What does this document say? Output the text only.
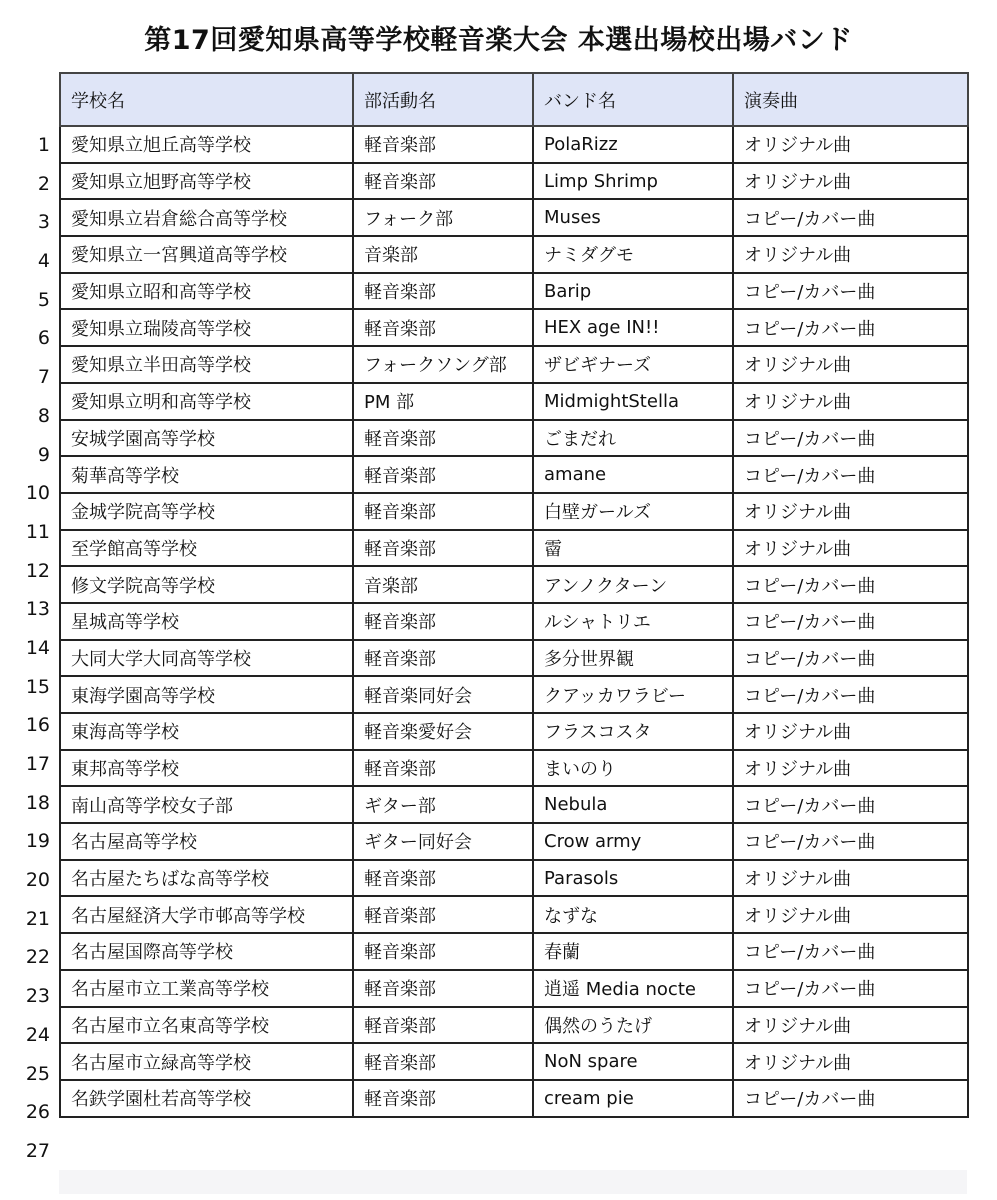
第17回愛知県高等学校軽音楽大会 本選出場校出場バンド
1
2
3
4
5
6
7
8
9
10
11
12
13
14
15
16
17
18
19
20
21
22
23
24
25
26
27
学校名	部活動名	バンド名	演奏曲
愛知県立旭丘高等学校	軽音楽部	PolaRizz	オリジナル曲
愛知県立旭野高等学校	軽音楽部	Limp Shrimp	オリジナル曲
愛知県立岩倉総合高等学校	フォーク部	Muses	コピー/カバー曲
愛知県立一宮興道高等学校	音楽部	ナミダグモ	オリジナル曲
愛知県立昭和高等学校	軽音楽部	Barip	コピー/カバー曲
愛知県立瑞陵高等学校	軽音楽部	HEX age IN!!	コピー/カバー曲
愛知県立半田高等学校	フォークソング部	ザビギナーズ	オリジナル曲
愛知県立明和高等学校	PM 部	MidmightStella	オリジナル曲
安城学園高等学校	軽音楽部	ごまだれ	コピー/カバー曲
菊華高等学校	軽音楽部	amane	コピー/カバー曲
金城学院高等学校	軽音楽部	白壁ガールズ	オリジナル曲
至学館高等学校	軽音楽部	霤	オリジナル曲
修文学院高等学校	音楽部	アンノクターン	コピー/カバー曲
星城高等学校	軽音楽部	ルシャトリエ	コピー/カバー曲
大同大学大同高等学校	軽音楽部	多分世界観	コピー/カバー曲
東海学園高等学校	軽音楽同好会	クアッカワラビー	コピー/カバー曲
東海高等学校	軽音楽愛好会	フラスコスタ	オリジナル曲
東邦高等学校	軽音楽部	まいのり	オリジナル曲
南山高等学校女子部	ギター部	Nebula	コピー/カバー曲
名古屋高等学校	ギター同好会	Crow army	コピー/カバー曲
名古屋たちばな高等学校	軽音楽部	Parasols	オリジナル曲
名古屋経済大学市邨高等学校	軽音楽部	なずな	オリジナル曲
名古屋国際高等学校	軽音楽部	春蘭	コピー/カバー曲
名古屋市立工業高等学校	軽音楽部	逍遥 Media nocte	コピー/カバー曲
名古屋市立名東高等学校	軽音楽部	偶然のうたげ	オリジナル曲
名古屋市立緑高等学校	軽音楽部	NoN spare	オリジナル曲
名鉄学園杜若高等学校	軽音楽部	cream pie	コピー/カバー曲
